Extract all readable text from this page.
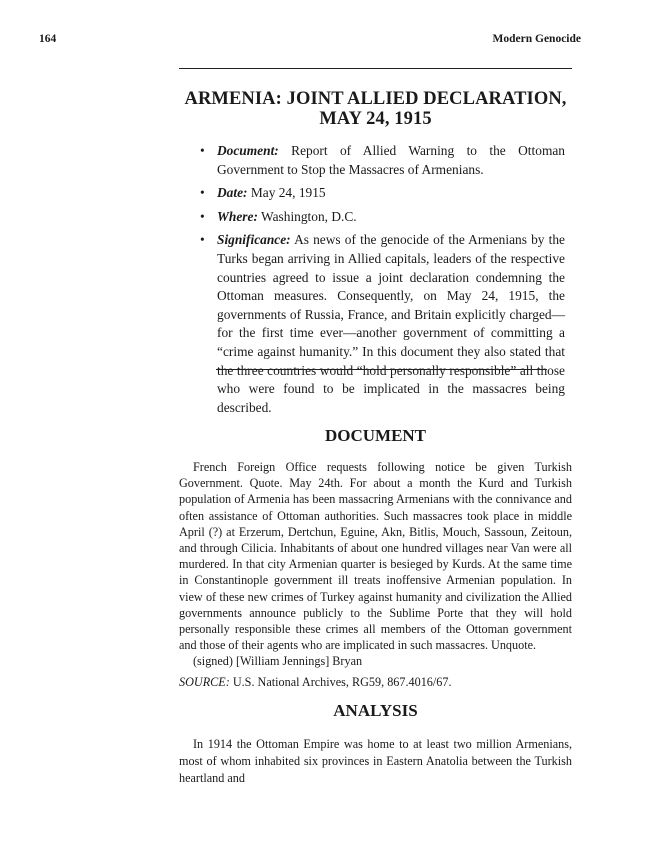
164	Modern Genocide
ARMENIA: JOINT ALLIED DECLARATION,
MAY 24, 1915
• Document: Report of Allied Warning to the Ottoman Government to Stop the Massacres of Armenians.
• Date: May 24, 1915
• Where: Washington, D.C.
• Significance: As news of the genocide of the Armenians by the Turks began arriving in Allied capitals, leaders of the respective countries agreed to issue a joint declaration condemning the Ottoman measures. Consequently, on May 24, 1915, the governments of Russia, France, and Britain explicitly charged—for the first time ever—another government of committing a “crime against humanity.” In this document they also stated that the three countries would “hold personally responsible” all those who were found to be implicated in the massacres being described.
DOCUMENT

French Foreign Office requests following notice be given Turkish Government. Quote. May 24th. For about a month the Kurd and Turkish population of Armenia has been massacring Armenians with the connivance and often assistance of Ottoman authorities. Such massacres took place in middle April (?) at Erzerum, Dertchun, Eguine, Akn, Bitlis, Mouch, Sassoun, Zeitoun, and through Cilicia. Inhabitants of about one hundred villages near Van were all murdered. In that city Armenian quarter is besieged by Kurds. At the same time in Constantinople government ill treats inoffensive Armenian population. In view of these new crimes of Turkey against humanity and civilization the Allied governments announce publicly to the Sublime Porte that they will hold personally responsible these crimes all members of the Ottoman government and those of their agents who are implicated in such massacres. Unquote.

(signed) [William Jennings] Bryan

SOURCE: U.S. National Archives, RG59, 867.4016/67.

ANALYSIS

In 1914 the Ottoman Empire was home to at least two million Armenians, most of whom inhabited six provinces in Eastern Anatolia between the Turkish heartland and
